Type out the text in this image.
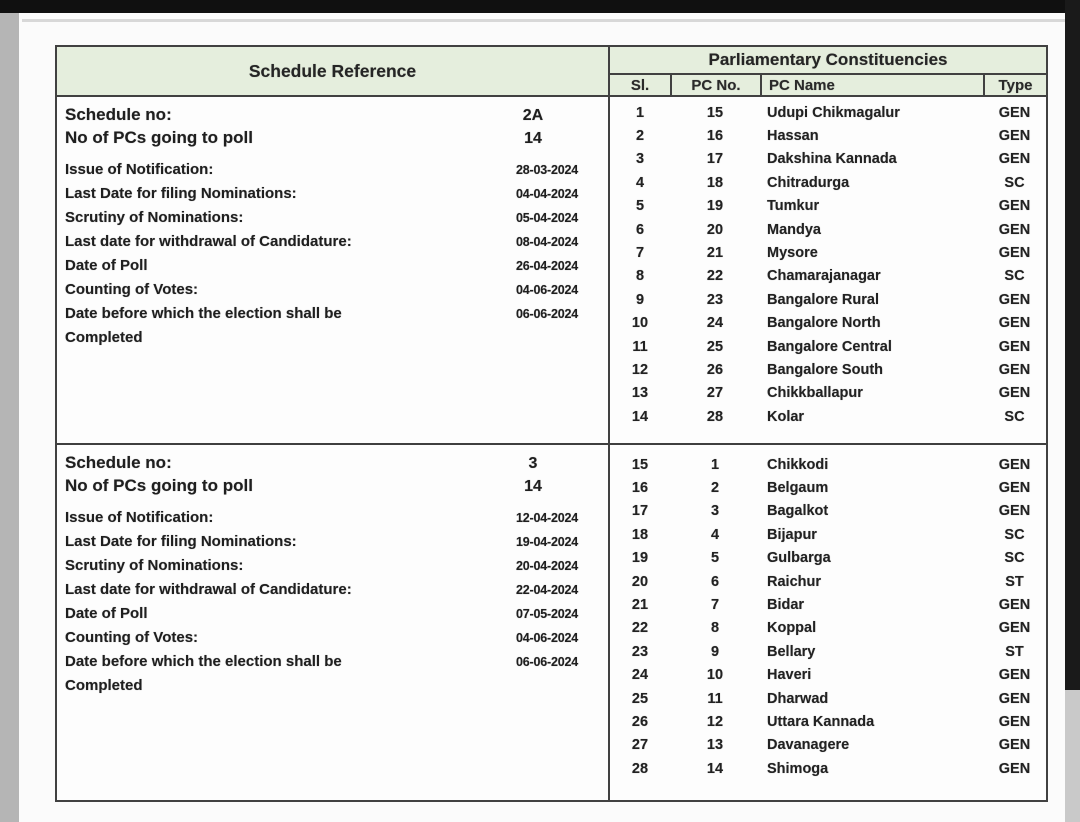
Schedule Reference
Schedule no:	2A
No of PCs going to poll	14
Issue of Notification:	28-03-2024
Last Date for filing Nominations:	04-04-2024
Scrutiny of Nominations:	05-04-2024
Last date for withdrawal of Candidature:	08-04-2024
Date of Poll	26-04-2024
Counting of Votes:	04-06-2024
Date before which the election shall be
Completed
06-06-2024
Schedule no:	3
No of PCs going to poll	14
Issue of Notification:	12-04-2024
Last Date for filing Nominations:	19-04-2024
Scrutiny of Nominations:	20-04-2024
Last date for withdrawal of Candidature:	22-04-2024
Date of Poll	07-05-2024
Counting of Votes:	04-06-2024
Date before which the election shall be
Completed
06-06-2024
Parliamentary Constituencies
Sl.	PC No.	PC Name	Type
1	15	Udupi Chikmagalur	GEN
2	16	Hassan	GEN
3	17	Dakshina Kannada	GEN
4	18	Chitradurga	SC
5	19	Tumkur	GEN
6	20	Mandya	GEN
7	21	Mysore	GEN
8	22	Chamarajanagar	SC
9	23	Bangalore Rural	GEN
10	24	Bangalore North	GEN
11	25	Bangalore Central	GEN
12	26	Bangalore South	GEN
13	27	Chikkballapur	GEN
14	28	Kolar	SC
15	1	Chikkodi	GEN
16	2	Belgaum	GEN
17	3	Bagalkot	GEN
18	4	Bijapur	SC
19	5	Gulbarga	SC
20	6	Raichur	ST
21	7	Bidar	GEN
22	8	Koppal	GEN
23	9	Bellary	ST
24	10	Haveri	GEN
25	11	Dharwad	GEN
26	12	Uttara Kannada	GEN
27	13	Davanagere	GEN
28	14	Shimoga	GEN
